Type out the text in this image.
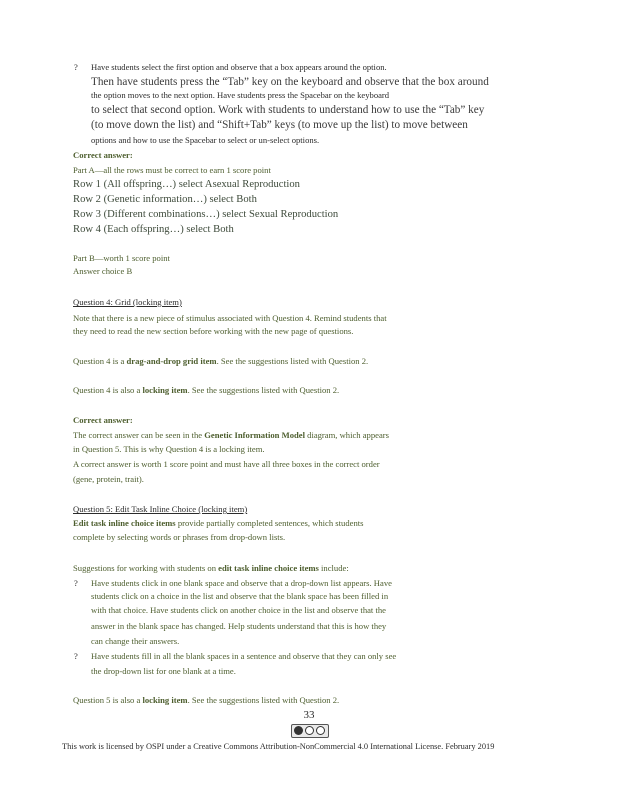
? Have students select the first option and observe that a box appears around the option.
Then have students press the “Tab” key on the keyboard and observe that the box around
the option moves to the next option. Have students press the Spacebar on the keyboard
to select that second option. Work with students to understand how to use the “Tab” key
(to move down the list) and “Shift+Tab” keys (to move up the list) to move between
options and how to use the Spacebar to select or un-select options.
Correct answer:
Part A—all the rows must be correct to earn 1 score point
Row 1 (All offspring…) select Asexual Reproduction
Row 2 (Genetic information…) select Both
Row 3 (Different combinations…) select Sexual Reproduction
Row 4 (Each offspring…) select Both
Part B—worth 1 score point
Answer choice B
Question 4: Grid (locking item)
Note that there is a new piece of stimulus associated with Question 4. Remind students that
they need to read the new section before working with the new page of questions.
Question 4 is a drag-and-drop grid item. See the suggestions listed with Question 2.
Question 4 is also a locking item. See the suggestions listed with Question 2.
Correct answer:
The correct answer can be seen in the Genetic Information Model diagram, which appears
in Question 5. This is why Question 4 is a locking item.
A correct answer is worth 1 score point and must have all three boxes in the correct order
(gene, protein, trait).
Question 5: Edit Task Inline Choice (locking item)
Edit task inline choice items provide partially completed sentences, which students
complete by selecting words or phrases from drop-down lists.
Suggestions for working with students on edit task inline choice items include:
? Have students click in one blank space and observe that a drop-down list appears. Have
students click on a choice in the list and observe that the blank space has been filled in
with that choice. Have students click on another choice in the list and observe that the
answer in the blank space has changed. Help students understand that this is how they
can change their answers.
? Have students fill in all the blank spaces in a sentence and observe that they can only see
the drop-down list for one blank at a time.
Question 5 is also a locking item. See the suggestions listed with Question 2.
33
This work is licensed by OSPI under a Creative Commons Attribution-NonCommercial 4.0 International License. February 2019
